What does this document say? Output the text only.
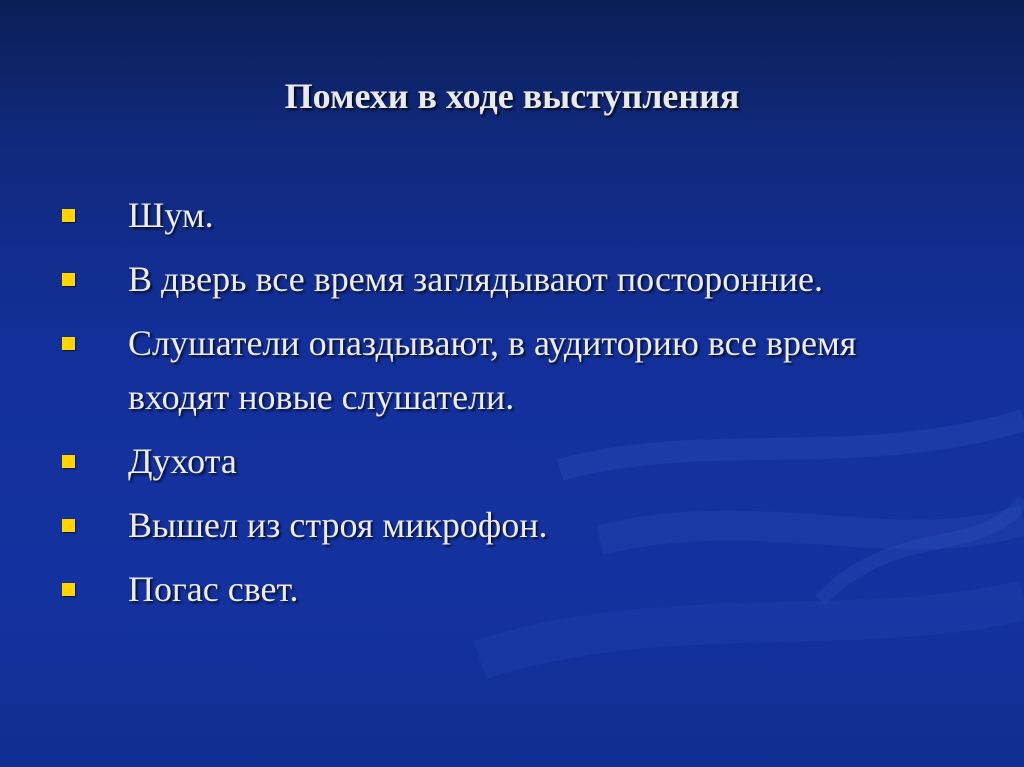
Помехи в ходе выступления
Шум.
В дверь все время заглядывают посторонние.
Слушатели опаздывают, в аудиторию все время входят новые слушатели.
Духота
Вышел из строя микрофон.
Погас свет.
